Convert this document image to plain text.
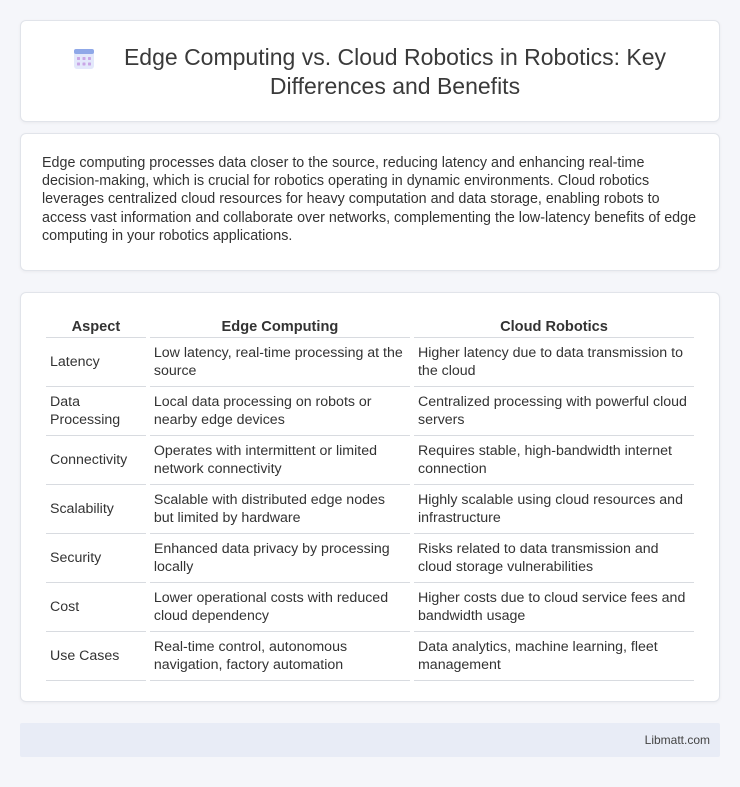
Edge Computing vs. Cloud Robotics in Robotics: Key Differences and Benefits

Edge computing processes data closer to the source, reducing latency and enhancing real-time decision-making, which is crucial for robotics operating in dynamic environments. Cloud robotics leverages centralized cloud resources for heavy computation and data storage, enabling robots to access vast information and collaborate over networks, complementing the low-latency benefits of edge computing in your robotics applications.

Aspect	Edge Computing	Cloud Robotics
Latency	Low latency, real-time processing at the source	Higher latency due to data transmission to the cloud
Data Processing	Local data processing on robots or nearby edge devices	Centralized processing with powerful cloud servers
Connectivity	Operates with intermittent or limited network connectivity	Requires stable, high-bandwidth internet connection
Scalability	Scalable with distributed edge nodes but limited by hardware	Highly scalable using cloud resources and infrastructure
Security	Enhanced data privacy by processing locally	Risks related to data transmission and cloud storage vulnerabilities
Cost	Lower operational costs with reduced cloud dependency	Higher costs due to cloud service fees and bandwidth usage
Use Cases	Real-time control, autonomous navigation, factory automation	Data analytics, machine learning, fleet management
Libmatt.com
